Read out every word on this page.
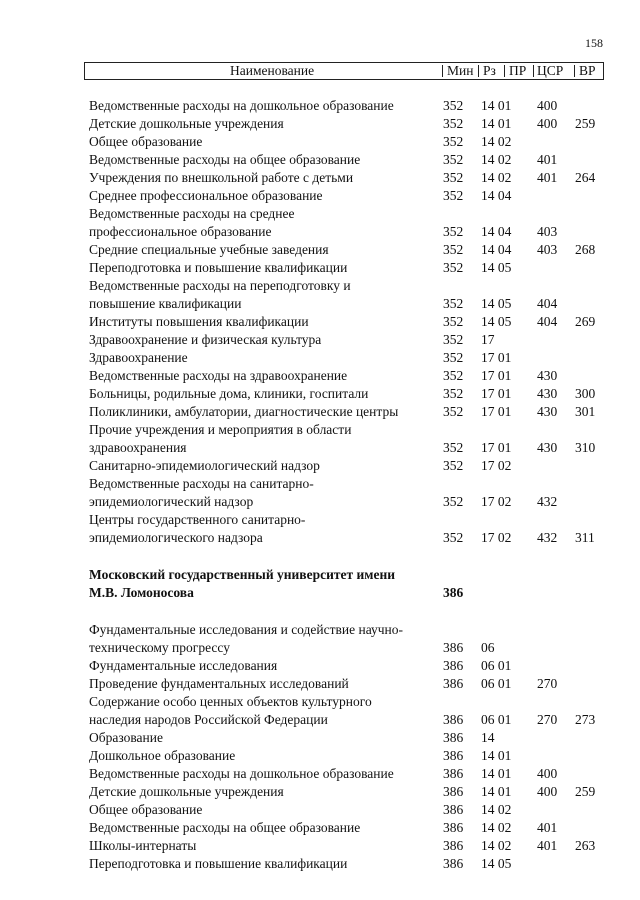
158
Наименование	Мин Рз ПР ЦСР ВР
Ведомственные расходы на дошкольное образование	352 14 01 400
Детские дошкольные учреждения	352 14 01 400 259
Общее образование	352 14 02
Ведомственные расходы на общее образование	352 14 02 401
Учреждения по внешкольной работе с детьми	352 14 02 401 264
Среднее профессиональное образование	352 14 04
Ведомственные расходы на среднее
профессиональное образование	352 14 04 403
Средние специальные учебные заведения	352 14 04 403 268
Переподготовка и повышение квалификации	352 14 05
Ведомственные расходы на переподготовку и
повышение квалификации	352 14 05 404
Институты повышения квалификации	352 14 05 404 269
Здравоохранение и физическая культура	352 17
Здравоохранение	352 17 01
Ведомственные расходы на здравоохранение	352 17 01 430
Больницы, родильные дома, клиники, госпитали	352 17 01 430 300
Поликлиники, амбулатории, диагностические центры	352 17 01 430 301
Прочие учреждения и мероприятия в области
здравоохранения	352 17 01 430 310
Санитарно-эпидемиологический надзор	352 17 02
Ведомственные расходы на санитарно-
эпидемиологический надзор	352 17 02 432
Центры государственного санитарно-
эпидемиологического надзора	352 17 02 432 311
Московский государственный университет имени
М.В. Ломоносова	386
Фундаментальные исследования и содействие научно-
техническому прогрессу	386 06
Фундаментальные исследования	386 06 01
Проведение фундаментальных исследований	386 06 01 270
Содержание особо ценных объектов культурного
наследия народов Российской Федерации	386 06 01 270 273
Образование	386 14
Дошкольное образование	386 14 01
Ведомственные расходы на дошкольное образование	386 14 01 400
Детские дошкольные учреждения	386 14 01 400 259
Общее образование	386 14 02
Ведомственные расходы на общее образование	386 14 02 401
Школы-интернаты	386 14 02 401 263
Переподготовка и повышение квалификации	386 14 05
